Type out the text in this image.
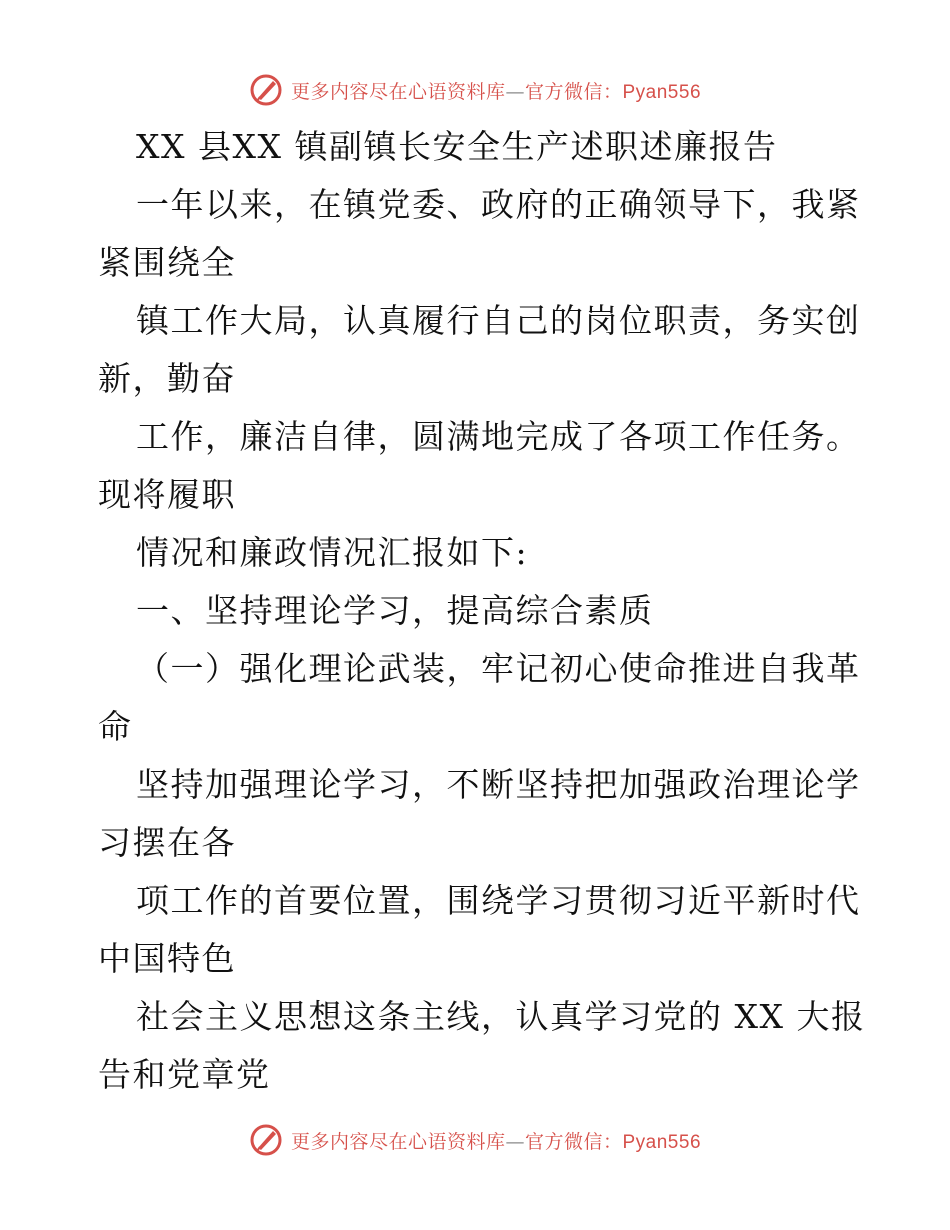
更多内容尽在心语资料库—官方微信：Pyan556
XX 县XX 镇副镇长安全生产述职述廉报告
一年以来，在镇党委、政府的正确领导下，我紧
紧围绕全
镇工作大局，认真履行自己的岗位职责，务实创
新，勤奋
工作，廉洁自律，圆满地完成了各项工作任务。
现将履职
情况和廉政情况汇报如下:
一、坚持理论学习，提高综合素质
（一）强化理论武装，牢记初心使命推进自我革
命
坚持加强理论学习，不断坚持把加强政治理论学
习摆在各
项工作的首要位置，围绕学习贯彻习近平新时代
中国特色
社会主义思想这条主线，认真学习党的 XX 大报
告和党章党
更多内容尽在心语资料库—官方微信：Pyan556
